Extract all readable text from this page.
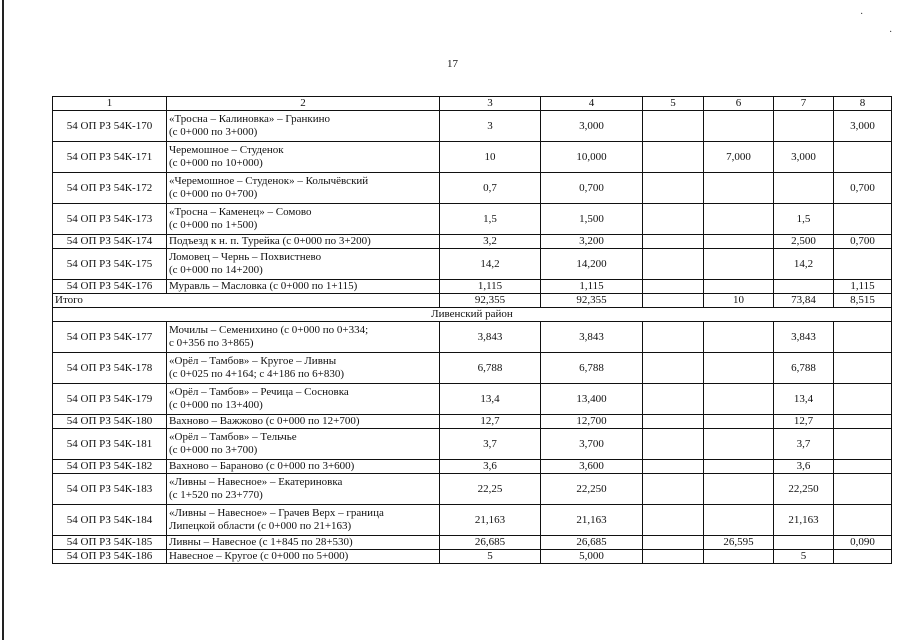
·
·
17
1	2	3	4	5	6	7	8
54 ОП РЗ 54К-170	«Тросна – Калиновка» – Гранкино
(с 0+000 по 3+000)	3	3,000				3,000
54 ОП РЗ 54К-171	Черемошное – Студенок
(с 0+000 по 10+000)	10	10,000		7,000	3,000	
54 ОП РЗ 54К-172	«Черемошное – Студенок» – Колычёвский
(с 0+000 по 0+700)	0,7	0,700				0,700
54 ОП РЗ 54К-173	«Тросна – Каменец» – Сомово
(с 0+000 по 1+500)	1,5	1,500			1,5	
54 ОП РЗ 54К-174	Подъезд к н. п. Турейка (с 0+000 по 3+200)	3,2	3,200			2,500	0,700
54 ОП РЗ 54К-175	Ломовец – Чернь – Похвистнево
(с 0+000 по 14+200)	14,2	14,200			14,2	
54 ОП РЗ 54К-176	Муравль – Масловка (с 0+000 по 1+115)	1,115	1,115				1,115
Итого		92,355	92,355		10	73,84	8,515
Ливенский район							
54 ОП РЗ 54К-177	Мочилы – Семенихино (с 0+000 по 0+334;
с 0+356 по 3+865)	3,843	3,843			3,843	
54 ОП РЗ 54К-178	«Орёл – Тамбов» – Кругое – Ливны
(с 0+025 по 4+164; с 4+186 по 6+830)	6,788	6,788			6,788	
54 ОП РЗ 54К-179	«Орёл – Тамбов» – Речица – Сосновка
(с 0+000 по 13+400)	13,4	13,400			13,4	
54 ОП РЗ 54К-180	Вахново – Важжово (с 0+000 по 12+700)	12,7	12,700			12,7	
54 ОП РЗ 54К-181	«Орёл – Тамбов» – Тельчье
(с 0+000 по 3+700)	3,7	3,700			3,7	
54 ОП РЗ 54К-182	Вахново – Бараново (с 0+000 по 3+600)	3,6	3,600			3,6	
54 ОП РЗ 54К-183	«Ливны – Навесное» – Екатериновка
(с 1+520 по 23+770)	22,25	22,250			22,250	
54 ОП РЗ 54К-184	«Ливны – Навесное» – Грачев Верх – граница
Липецкой области (с 0+000 по 21+163)	21,163	21,163			21,163	
54 ОП РЗ 54К-185	Ливны – Навесное (с 1+845 по 28+530)	26,685	26,685		26,595		0,090
54 ОП РЗ 54К-186	Навесное – Кругое (с 0+000 по 5+000)	5	5,000			5	
